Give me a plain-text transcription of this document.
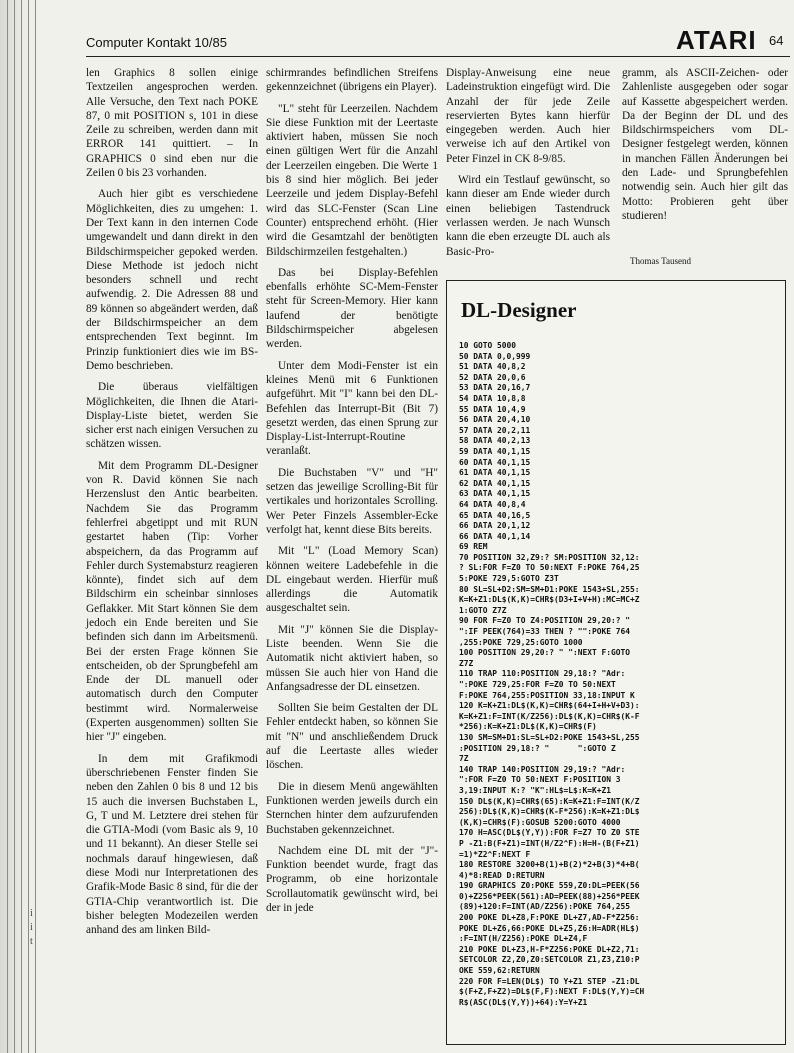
Computer Kontakt 10/85	ATARI 64

len Graphics 8 sollen einige Textzeilen angesprochen werden. Alle Versuche, den Text nach POKE 87, 0 mit POSITION s, 101 in diese Zeile zu schreiben, werden dann mit ERROR 141 quittiert. – In GRAPHICS 0 sind eben nur die Zeilen 0 bis 23 vorhanden.

Auch hier gibt es verschiedene Möglichkeiten, dies zu umgehen: 1. Der Text kann in den internen Code umgewandelt und dann direkt in den Bildschirmspeicher gepoked werden. Diese Methode ist jedoch nicht besonders schnell und recht aufwendig. 2. Die Adressen 88 und 89 können so abgeändert werden, daß der Bildschirmspeicher an dem entsprechenden Text beginnt. Im Prinzip funktioniert dies wie im BS-Demo beschrieben.

Die überaus vielfältigen Möglichkeiten, die Ihnen die Atari-Display-Liste bietet, werden Sie sicher erst nach einigen Versuchen zu schätzen wissen.

Mit dem Programm DL-Designer von R. David können Sie nach Herzenslust den Antic bearbeiten. Nachdem Sie das Programm fehlerfrei abgetippt und mit RUN gestartet haben (Tip: Vorher abspeichern, da das Programm auf Fehler durch Systemabsturz reagieren könnte), findet sich auf dem Bildschirm ein scheinbar sinnloses Geflakker. Mit Start können Sie dem jedoch ein Ende bereiten und Sie befinden sich dann im Arbeitsmenü. Bei der ersten Frage können Sie entscheiden, ob der Sprungbefehl am Ende der DL manuell oder automatisch durch den Computer bestimmt wird. Normalerweise (Experten ausgenommen) sollten Sie hier "J" eingeben.

In dem mit Grafikmodi überschriebenen Fenster finden Sie neben den Zahlen 0 bis 8 und 12 bis 15 auch die inversen Buchstaben L, G, T und M. Letztere drei stehen für die GTIA-Modi (vom Basic als 9, 10 und 11 bekannt). An dieser Stelle sei nochmals darauf hingewiesen, daß diese Modi nur Interpretationen des Grafik-Mode Basic 8 sind, für die der GTIA-Chip verantwortlich ist. Die bisher belegten Modezeilen werden anhand des am linken Bild-

schirmrandes befindlichen Streifens gekennzeichnet (übrigens ein Player).

"L" steht für Leerzeilen. Nachdem Sie diese Funktion mit der Leertaste aktiviert haben, müssen Sie noch einen gültigen Wert für die Anzahl der Leerzeilen eingeben. Die Werte 1 bis 8 sind hier möglich. Bei jeder Leerzeile und jedem Display-Befehl wird das SLC-Fenster (Scan Line Counter) entsprechend erhöht. (Hier wird die Gesamtzahl der benötigten Bildschirmzeilen festgehalten.)

Das bei Display-Befehlen ebenfalls erhöhte SC-Mem-Fenster steht für Screen-Memory. Hier kann laufend der benötigte Bildschirmspeicher abgelesen werden.

Unter dem Modi-Fenster ist ein kleines Menü mit 6 Funktionen aufgeführt. Mit "I" kann bei den DL-Befehlen das Interrupt-Bit (Bit 7) gesetzt werden, das einen Sprung zur Display-List-Interrupt-Routine veranlaßt.

Die Buchstaben "V" und "H" setzen das jeweilige Scrolling-Bit für vertikales und horizontales Scrolling. Wer Peter Finzels Assembler-Ecke verfolgt hat, kennt diese Bits bereits.

Mit "L" (Load Memory Scan) können weitere Ladebefehle in die DL eingebaut werden. Hierfür muß allerdings die Automatik ausgeschaltet sein.

Mit "J" können Sie die Display-Liste beenden. Wenn Sie die Automatik nicht aktiviert haben, so müssen Sie auch hier von Hand die Anfangsadresse der DL einsetzen.

Sollten Sie beim Gestalten der DL Fehler entdeckt haben, so können Sie mit "N" und anschließendem Druck auf die Leertaste alles wieder löschen.

Die in diesem Menü angewählten Funktionen werden jeweils durch ein Sternchen hinter dem aufzurufenden Buchstaben gekennzeichnet.

Nachdem eine DL mit der "J"-Funktion beendet wurde, fragt das Programm, ob eine horizontale Scrollautomatik gewünscht wird, bei der in jede

Display-Anweisung eine neue Ladeinstruktion eingefügt wird. Die Anzahl der für jede Zeile reservierten Bytes kann hierfür eingegeben werden. Auch hier verweise ich auf den Artikel von Peter Finzel in CK 8-9/85.

Wird ein Testlauf gewünscht, so kann dieser am Ende wieder durch einen beliebigen Tastendruck verlassen werden. Je nach Wunsch kann die eben erzeugte DL auch als Basic-Pro-

gramm, als ASCII-Zeichen- oder Zahlenliste ausgegeben oder sogar auf Kassette abgespeichert werden. Da der Beginn der DL und des Bildschirmspeichers vom DL-Designer festgelegt werden, können in manchen Fällen Änderungen bei den Lade- und Sprungbefehlen notwendig sein. Auch hier gilt das Motto: Probieren geht über studieren!

Thomas Tausend
DL-Designer
10 GOTO 5000
50 DATA 0,0,999
51 DATA 40,8,2
52 DATA 20,0,6
53 DATA 20,16,7
54 DATA 10,8,8
55 DATA 10,4,9
56 DATA 20,4,10
57 DATA 20,2,11
58 DATA 40,2,13
59 DATA 40,1,15
60 DATA 40,1,15
61 DATA 40,1,15
62 DATA 40,1,15
63 DATA 40,1,15
64 DATA 40,8,4
65 DATA 40,16,5
66 DATA 20,1,12
66 DATA 40,1,14
69 REM
70 POSITION 32,Z9:? SM:POSITION 32,12:
? SL:FOR F=Z0 TO 50:NEXT F:POKE 764,25
5:POKE 729,5:GOTO Z3T
80 SL=SL+D2:SM=SM+D1:POKE 1543+SL,255:
K=K+Z1:DL$(K,K)=CHR$(D3+I+V+H):MC=MC+Z
1:GOTO Z7Z
90 FOR F=Z0 TO Z4:POSITION 29,20:? "
":IF PEEK(764)=33 THEN ? "":POKE 764
,255:POKE 729,25:GOTO 1000
100 POSITION 29,20:? " ":NEXT F:GOTO
Z7Z
110 TRAP 110:POSITION 29,18:? "Adr:
":POKE 729,25:FOR F=Z0 TO 50:NEXT
F:POKE 764,255:POSITION 33,18:INPUT K
120 K=K+Z1:DL$(K,K)=CHR$(64+I+H+V+D3):
K=K+Z1:F=INT(K/Z256):DL$(K,K)=CHR$(K-F
*256):K=K+Z1:DL$(K,K)=CHR$(F)
130 SM=SM+D1:SL=SL+D2:POKE 1543+SL,255
:POSITION 29,18:? "      ":GOTO Z
7Z
140 TRAP 140:POSITION 29,19:? "Adr:
":FOR F=Z0 TO 50:NEXT F:POSITION 3
3,19:INPUT K:? "K":HL$=L$:K=K+Z1
150 DL$(K,K)=CHR$(65):K=K+Z1:F=INT(K/Z
256):DL$(K,K)=CHR$(K-F*256):K=K+Z1:DL$
(K,K)=CHR$(F):GOSUB 5200:GOTO 4000
170 H=ASC(DL$(Y,Y)):FOR F=Z7 TO Z0 STE
P -Z1:B(F+Z1)=INT(H/Z2^F):H=H-(B(F+Z1)
=1)*Z2^F:NEXT F
180 RESTORE 3200+B(1)+B(2)*2+B(3)*4+B(
4)*8:READ D:RETURN
190 GRAPHICS Z0:POKE 559,Z0:DL=PEEK(56
0)+Z256*PEEK(561):AD=PEEK(88)+256*PEEK
(89)+120:F=INT(AD/Z256):POKE 764,255
200 POKE DL+Z8,F:POKE DL+Z7,AD-F*Z256:
POKE DL+Z6,66:POKE DL+Z5,Z6:H=ADR(HL$)
:F=INT(H/Z256):POKE DL+Z4,F
210 POKE DL+Z3,H-F*Z256:POKE DL+Z2,71:
SETCOLOR Z2,Z0,Z0:SETCOLOR Z1,Z3,Z10:P
OKE 559,62:RETURN
220 FOR F=LEN(DL$) TO Y+Z1 STEP -Z1:DL
$(F+Z,F+Z2)=DL$(F,F):NEXT F:DL$(Y,Y)=CH
R$(ASC(DL$(Y,Y))+64):Y=Y+Z1
i
i
t
